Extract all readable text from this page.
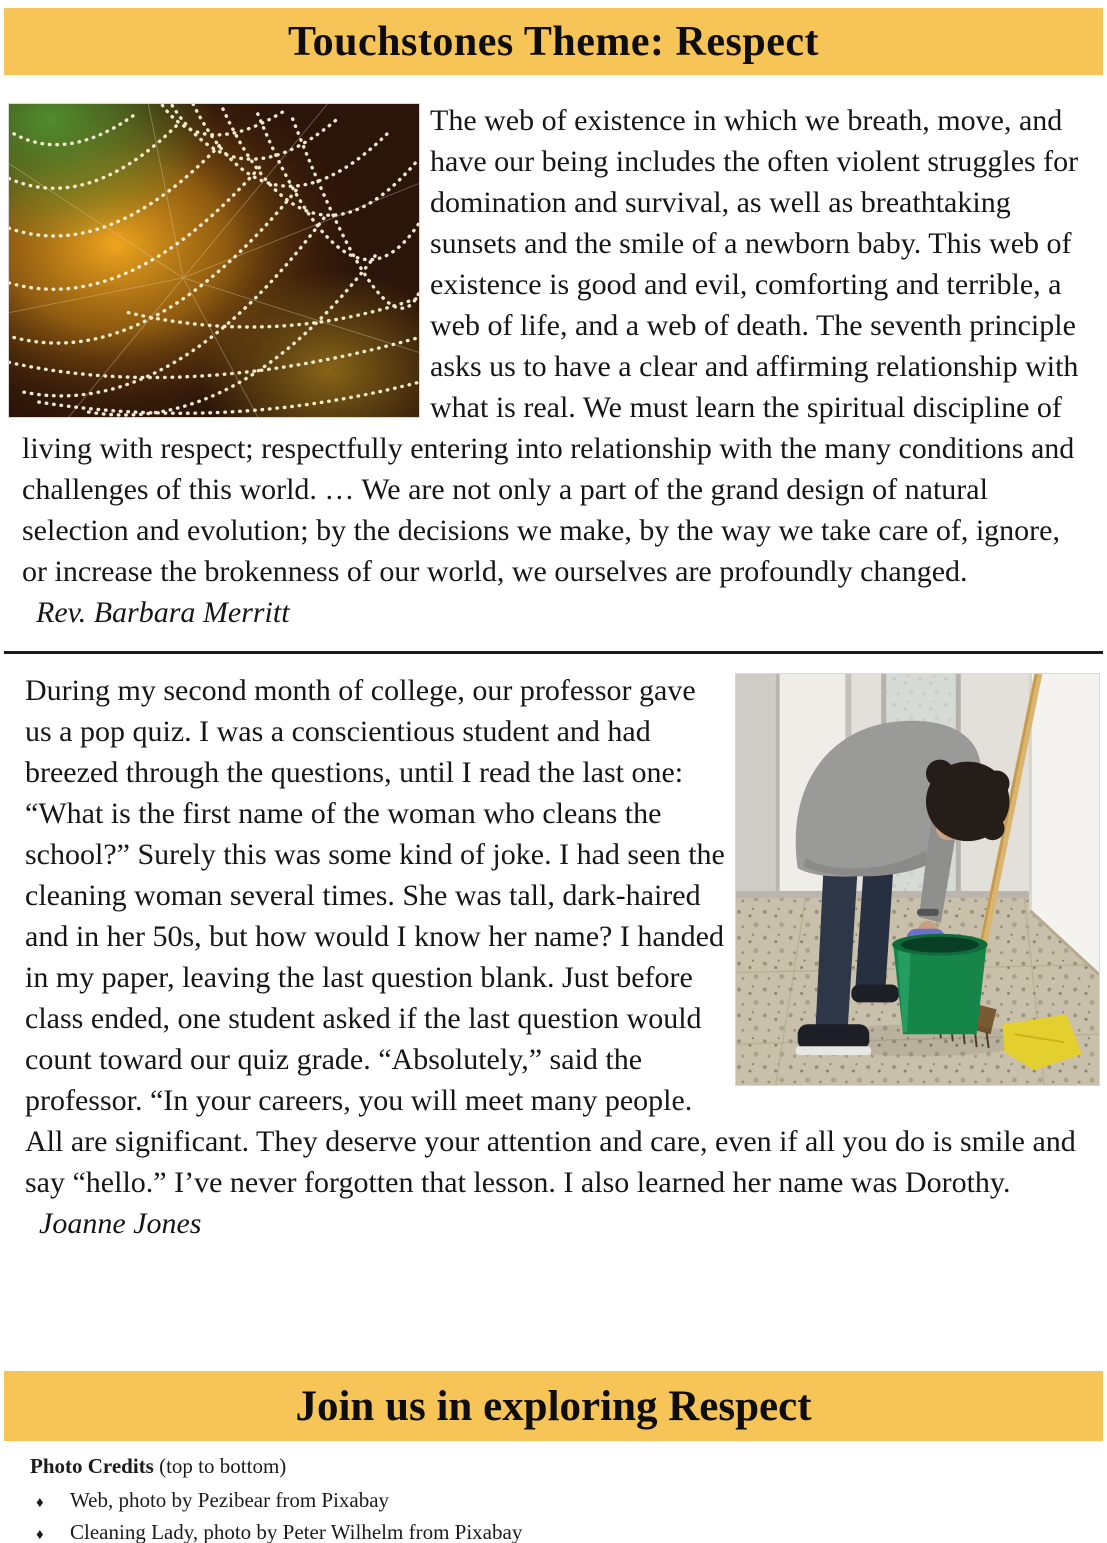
Touchstones Theme: Respect

The web of existence in which we breath, move, and have our being includes the often violent struggles for domination and survival, as well as breathtaking sunsets and the smile of a newborn baby. This web of existence is good and evil, comforting and terrible, a web of life, and a web of death. The seventh principle asks us to have a clear and affirming relationship with what is real. We must learn the spiritual discipline of living with respect; respectfully entering into relationship with the many conditions and challenges of this world. … We are not only a part of the grand design of natural selection and evolution; by the decisions we make, by the way we take care of, ignore, or increase the brokenness of our world, we ourselves are profoundly changed. Rev. Barbara Merritt

During my second month of college, our professor gave us a pop quiz. I was a conscientious student and had breezed through the questions, until I read the last one: “What is the first name of the woman who cleans the school?” Surely this was some kind of joke. I had seen the cleaning woman several times. She was tall, dark-haired and in her 50s, but how would I know her name? I handed in my paper, leaving the last question blank. Just before class ended, one student asked if the last question would count toward our quiz grade. “Absolutely,” said the professor. “In your careers, you will meet many people. All are significant. They deserve your attention and care, even if all you do is smile and say “hello.” I’ve never forgotten that lesson. I also learned her name was Dorothy. Joanne Jones

Join us in exploring Respect
Photo Credits (top to bottom)
♦	Web, photo by Pezibear from Pixabay
♦	Cleaning Lady, photo by Peter Wilhelm from Pixabay
